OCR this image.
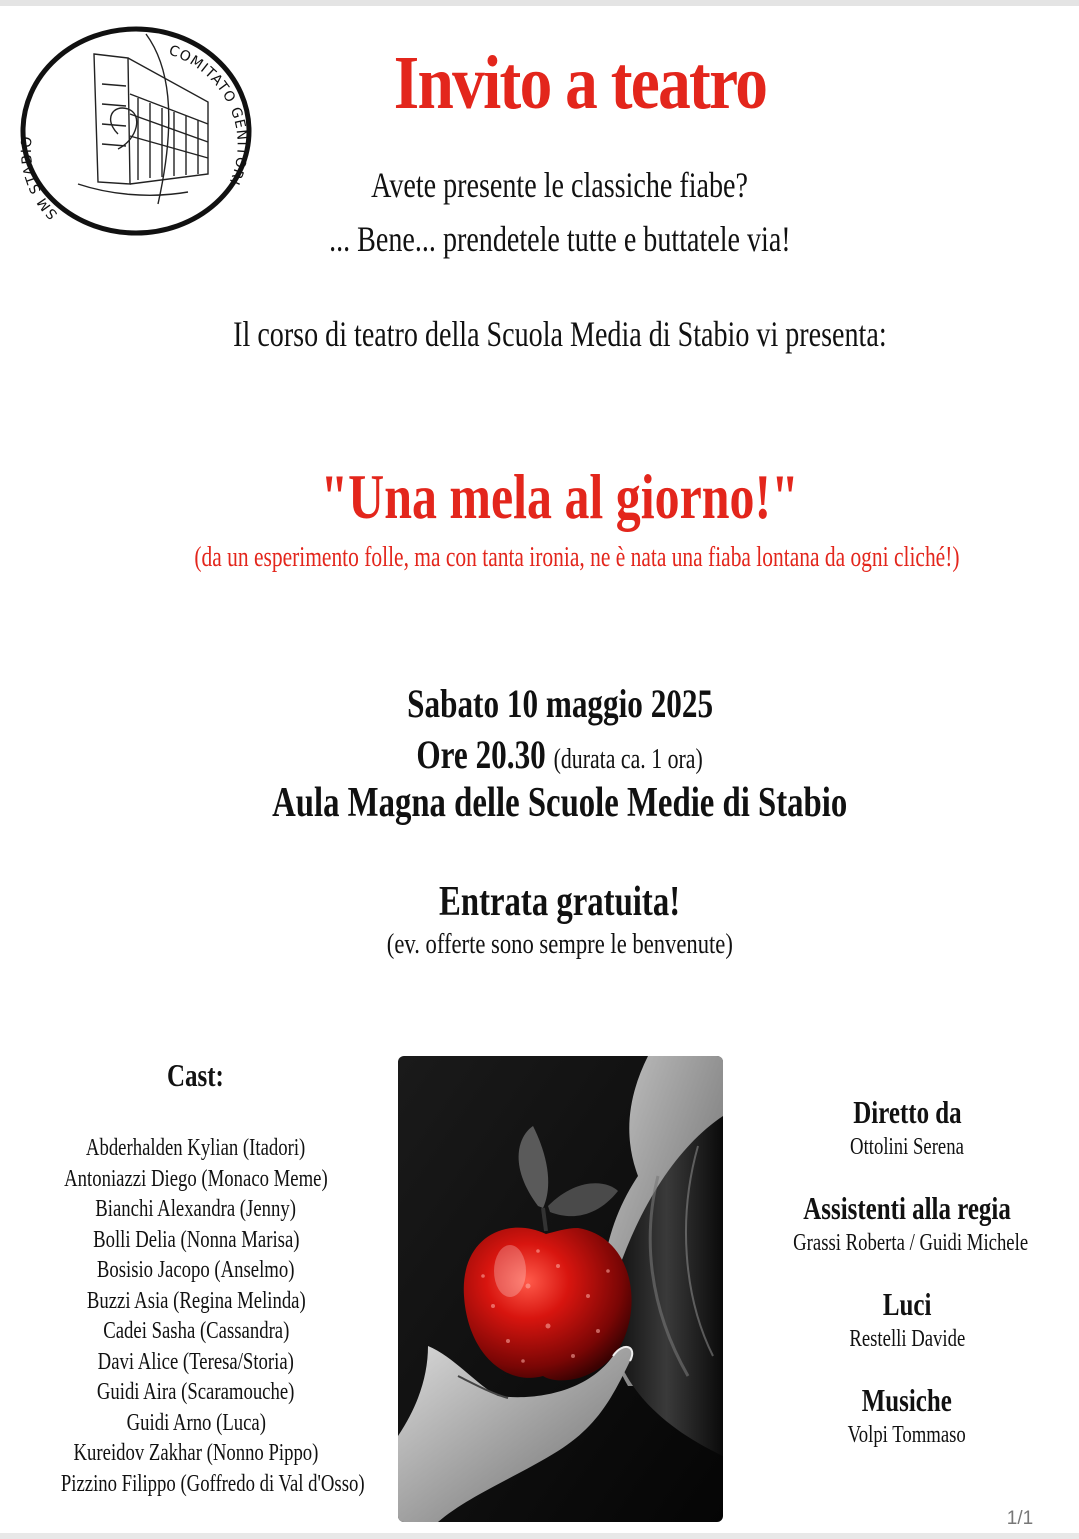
COMITATO GENITORI
SM STABIO
Invito a teatro
Avete presente le classiche fiabe?
... Bene... prendetele tutte e buttatele via!
Il corso di teatro della Scuola Media di Stabio vi presenta:
"Una mela al giorno!"
(da un esperimento folle, ma con tanta ironia, ne è nata una fiaba lontana da ogni cliché!)
Sabato 10 maggio 2025
Ore 20.30 (durata ca. 1 ora)
Aula Magna delle Scuole Medie di Stabio
Entrata gratuita!
(ev. offerte sono sempre le benvenute)
Cast:
Abderhalden Kylian (Itadori)
Antoniazzi Diego (Monaco Meme)
Bianchi Alexandra (Jenny)
Bolli Delia (Nonna Marisa)
Bosisio Jacopo (Anselmo)
Buzzi Asia (Regina Melinda)
Cadei Sasha (Cassandra)
Davi Alice (Teresa/Storia)
Guidi Aira (Scaramouche)
Guidi Arno (Luca)
Kureidov Zakhar (Nonno Pippo)
Pizzino Filippo (Goffredo di Val d'Osso)
Diretto da
Ottolini Serena
Assistenti alla regia
Grassi Roberta / Guidi Michele
Luci
Restelli Davide
Musiche
Volpi Tommaso
1/1
